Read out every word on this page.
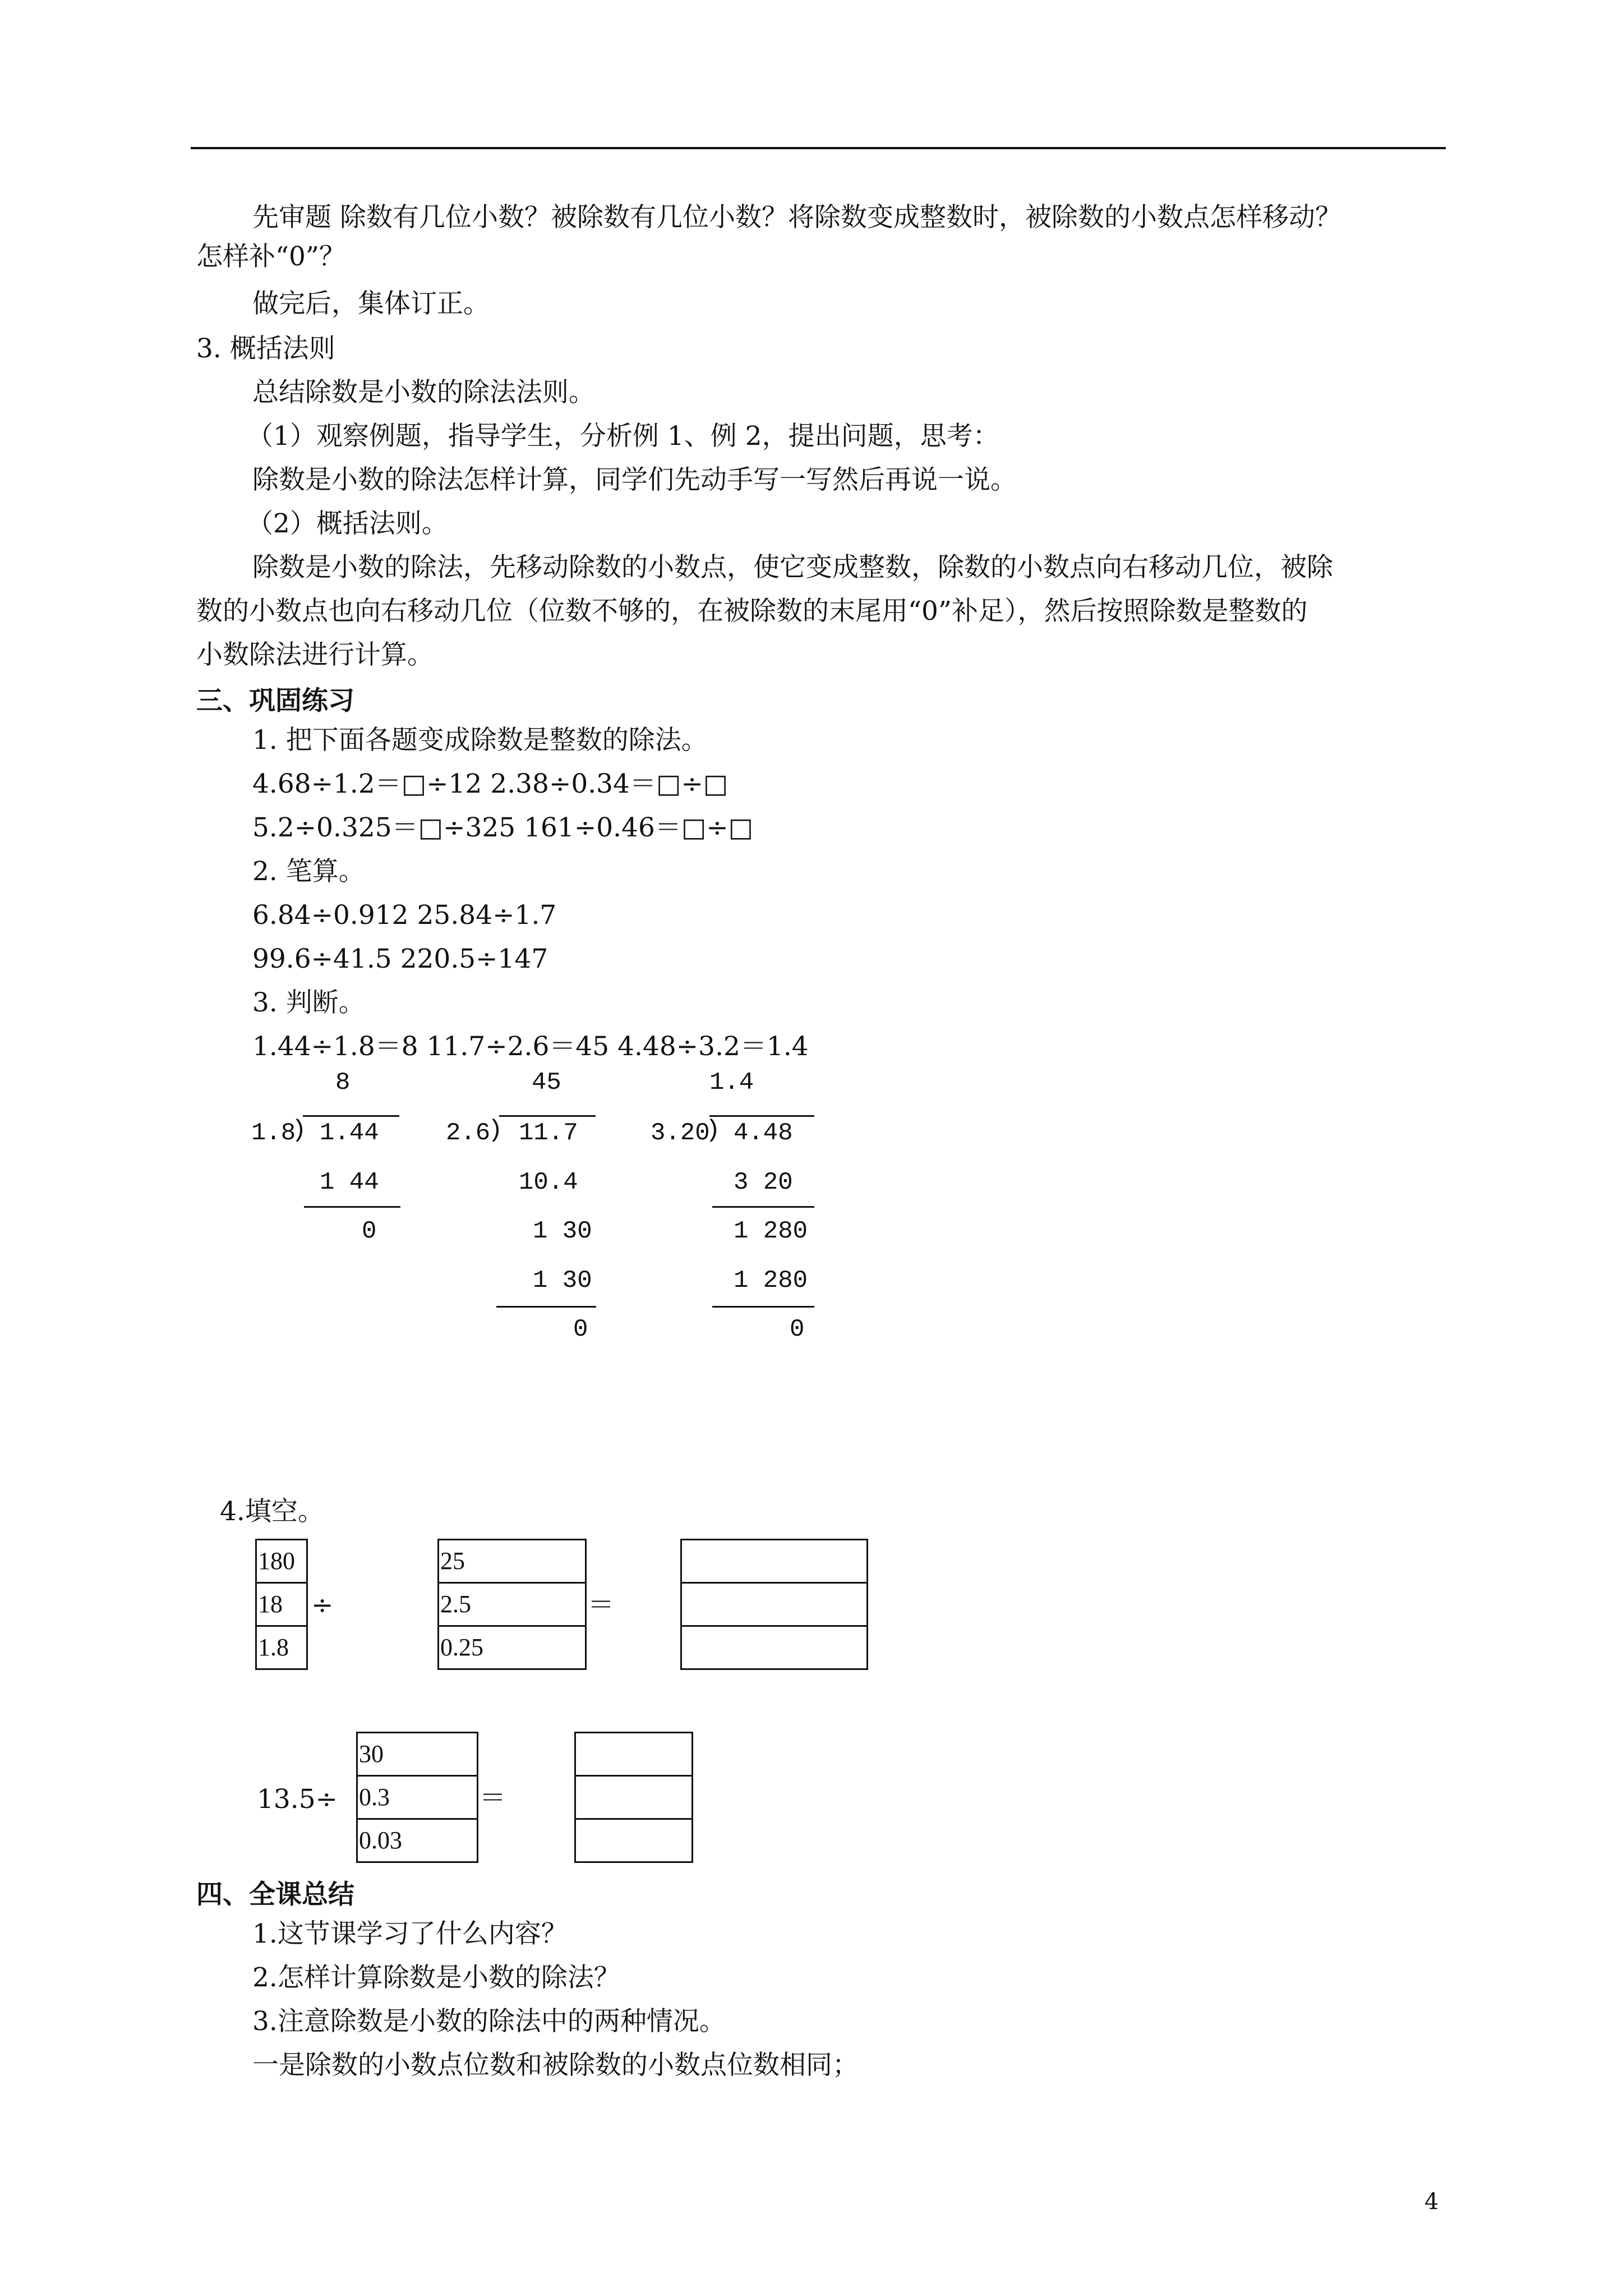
先审题 除数有几位小数？被除数有几位小数？将除数变成整数时，被除数的小数点怎样移动？
怎样补“0”？
做完后，集体订正。
3. 概括法则
总结除数是小数的除法法则。
（1）观察例题，指导学生，分析例 1、例 2，提出问题，思考：
除数是小数的除法怎样计算，同学们先动手写一写然后再说一说。
（2）概括法则。
除数是小数的除法，先移动除数的小数点，使它变成整数，除数的小数点向右移动几位，被除
数的小数点也向右移动几位（位数不够的，在被除数的末尾用“0”补足），然后按照除数是整数的
小数除法进行计算。
三、巩固练习
1. 把下面各题变成除数是整数的除法。
4.68÷1.2＝□÷12 2.38÷0.34＝□÷□
5.2÷0.325＝□÷325 161÷0.46＝□÷□
2. 笔算。
6.84÷0.912 25.84÷1.7
99.6÷41.5 220.5÷147
3. 判断。
1.44÷1.8＝8 11.7÷2.6＝45 4.48÷3.2＝1.4
8
1.8
) 1.44
1 44
0
45
2.6
) 11.7
10.4
1 30
1 30
0
1.4
3.20
) 4.48
3 20
1 280
1 280
0
4.填空。
180
18
1.8
÷
25
2.5
0.25
＝
13.5÷
30
0.3
0.03
＝
四、全课总结
1.这节课学习了什么内容？
2.怎样计算除数是小数的除法？
3.注意除数是小数的除法中的两种情况。
一是除数的小数点位数和被除数的小数点位数相同；
4
